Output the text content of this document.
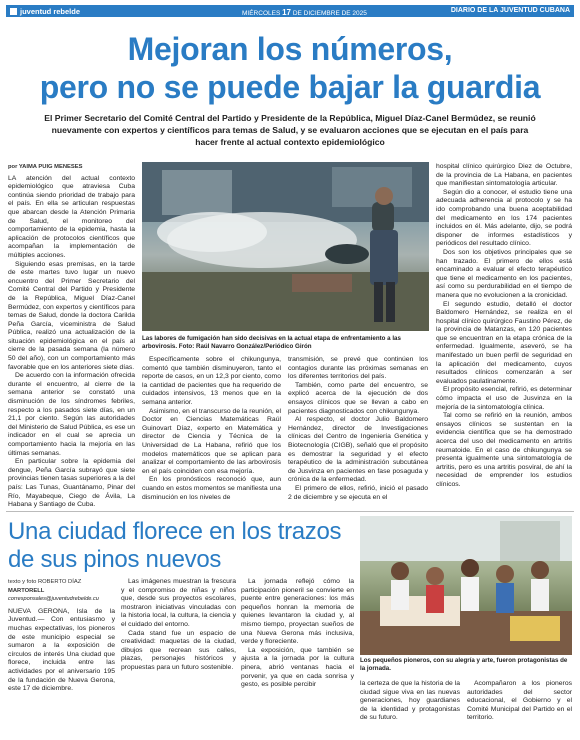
juventud rebelde	MIÉRCOLES 17 DE DICIEMBRE DE 2025	DIARIO DE LA JUVENTUD CUBANA
Mejoran los números,
pero no se puede bajar la guardia
El Primer Secretario del Comité Central del Partido y Presidente de la República, Miguel Díaz-Canel Bermúdez, se reunió nuevamente con expertos y científicos para temas de Salud, y se evaluaron acciones que se ejecutan en el país para hacer frente al actual contexto epidemiológico
por YAIMA PUIG MENESES

LA atención del actual contexto epidemiológico que atraviesa Cuba continúa siendo prioridad de trabajo para el país. En ella se articulan respuestas que abarcan desde la Atención Primaria de Salud, el monitoreo del comportamiento de la epidemia, hasta la aplicación de protocolos científicos que acompañan la implementación de múltiples acciones.

Siguiendo esas premisas, en la tarde de este martes tuvo lugar un nuevo encuentro del Primer Secretario del Comité Central del Partido y Presidente de la República, Miguel Díaz-Canel Bermúdez, con expertos y científicos para temas de Salud, donde la doctora Carilda Peña García, viceministra de Salud Pública, realizó una actualización de la situación epidemiológica en el país al cierre de la pasada semana (la número 50 del año), con un comportamiento más favorable que en los anteriores siete días.

De acuerdo con la información ofrecida durante el encuentro, al cierre de la semana anterior se constató una disminución de los síndromes febriles, respecto a los pasados siete días, en un 21,1 por ciento. Según las autoridades del Ministerio de Salud Pública, es ese un indicador en el cual se aprecia un comportamiento hacia la mejoría en las últimas semanas.

En particular sobre la epidemia del dengue, Peña García subrayó que siete provincias tienen tasas superiores a la del país: Las Tunas, Guantánamo, Pinar del Río, Mayabeque, Ciego de Ávila, La Habana y Santiago de Cuba.

Las labores de fumigación han sido decisivas en la actual etapa de enfrentamiento a las arbovirosis. Foto: Raúl Navarro González/Periódico Girón

Específicamente sobre el chikungunya, comentó que también disminuyeron, tanto el reporte de casos, en un 12,3 por ciento, como la cantidad de pacientes que ha requerido de cuidados intensivos, 13 menos que en la semana anterior.

Asimismo, en el transcurso de la reunión, el Doctor en Ciencias Matemáticas Raúl Guinovart Díaz, experto en Matemática y director de Ciencia y Técnica de la Universidad de La Habana, refirió que los modelos matemáticos que se aplican para analizar el comportamiento de las arbovirosis en el país coinciden con esa mejoría.

En los pronósticos reconoció que, aun cuando en estos momentos se manifiesta una disminución en los niveles de

transmisión, se prevé que continúen los contagios durante las próximas semanas en los diferentes territorios del país.

También, como parte del encuentro, se explicó acerca de la ejecución de dos ensayos clínicos que se llevan a cabo en pacientes diagnosticados con chikungunya.

Al respecto, el doctor Julio Baldomero Hernández, director de Investigaciones clínicas del Centro de Ingeniería Genética y Biotecnología (CIGB), señaló que el propósito es demostrar la seguridad y el efecto terapéutico de la administración subcutánea de Jusvinza en pacientes en fase posaguda y crónica de la enfermedad.

El primero de ellos, refirió, inició el pasado 2 de diciembre y se ejecuta en el

hospital clínico quirúrgico Diez de Octubre, de la provincia de La Habana, en pacientes que manifiestan sintomatología articular.

Según dio a conocer, el estudio tiene una adecuada adherencia al protocolo y se ha ido comprobando una buena aceptabilidad del medicamento en los 174 pacientes incluidos en él. Más adelante, dijo, se podrá disponer de informes estadísticos y periódicos del resultado clínico.

Dos son los objetivos principales que se han trazado. El primero de ellos está encaminado a evaluar el efecto terapéutico que tiene el medicamento en los pacientes, así como su perdurabilidad en el tiempo de manera que no evolucionen a la cronicidad.

El segundo estudio, detalló el doctor Baldomero Hernández, se realiza en el hospital clínico quirúrgico Faustino Pérez, de la provincia de Matanzas, en 120 pacientes que se encuentran en la etapa crónica de la enfermedad. Igualmente, aseveró, se ha manifestado un buen perfil de seguridad en la aplicación del medicamento, cuyos resultados clínicos comenzarán a ser evaluados paulatinamente.

El propósito esencial, refirió, es determinar cómo impacta el uso de Jusvinza en la mejoría de la sintomatología clínica.

Tal como se refirió en la reunión, ambos ensayos clínicos se sustentan en la evidencia científica que se ha demostrado acerca del uso del medicamento en artritis reumatoide. En el caso de chikungunya se presenta igualmente una sintomatología de artritis, pero es una artritis posviral, de ahí la necesidad de emprender los estudios clínicos.

Una ciudad florece en los trazos
de sus pinos nuevos
Los pequeños pioneros, con su alegría y arte, fueron protagonistas de la jornada.
texto y foto ROBERTO DÍAZ
MARTORELL
corresponsales@juventudrebelde.cu

NUEVA GERONA, Isla de la Juventud.— Con entusiasmo y muchas expectativas, los pioneros de este municipio especial se sumaron a la exposición de círculos de interés Una ciudad que florece, incluida entre las actividades por el aniversario 195 de la fundación de Nueva Gerona, este 17 de diciembre.

Las imágenes muestran la frescura y el compromiso de niñas y niños que, desde sus proyectos escolares, mostraron iniciativas vinculadas con la historia local, la cultura, la ciencia y el cuidado del entorno.

Cada stand fue un espacio de creatividad: maquetas de la ciudad, dibujos que recrean sus calles, plazas, personajes históricos y propuestas para un futuro sostenible.

La jornada reflejó cómo la participación pioneril se convierte en puente entre generaciones: los más pequeños honran la memoria de quienes levantaron la ciudad y, al mismo tiempo, proyectan sueños de una Nueva Gerona más inclusiva, verde y floreciente.

La exposición, que también se ajusta a la jornada por la cultura pinera, abrió ventanas hacia el porvenir, ya que en cada sonrisa y gesto, es posible percibir	la certeza de que la historia de la ciudad sigue viva en las nuevas generaciones, hoy guardianes de la identidad y protagonistas de su futuro.

Acompañaron a los pioneros autoridades del sector educacional, el Gobierno y el Comité Municipal del Partido en el territorio.
